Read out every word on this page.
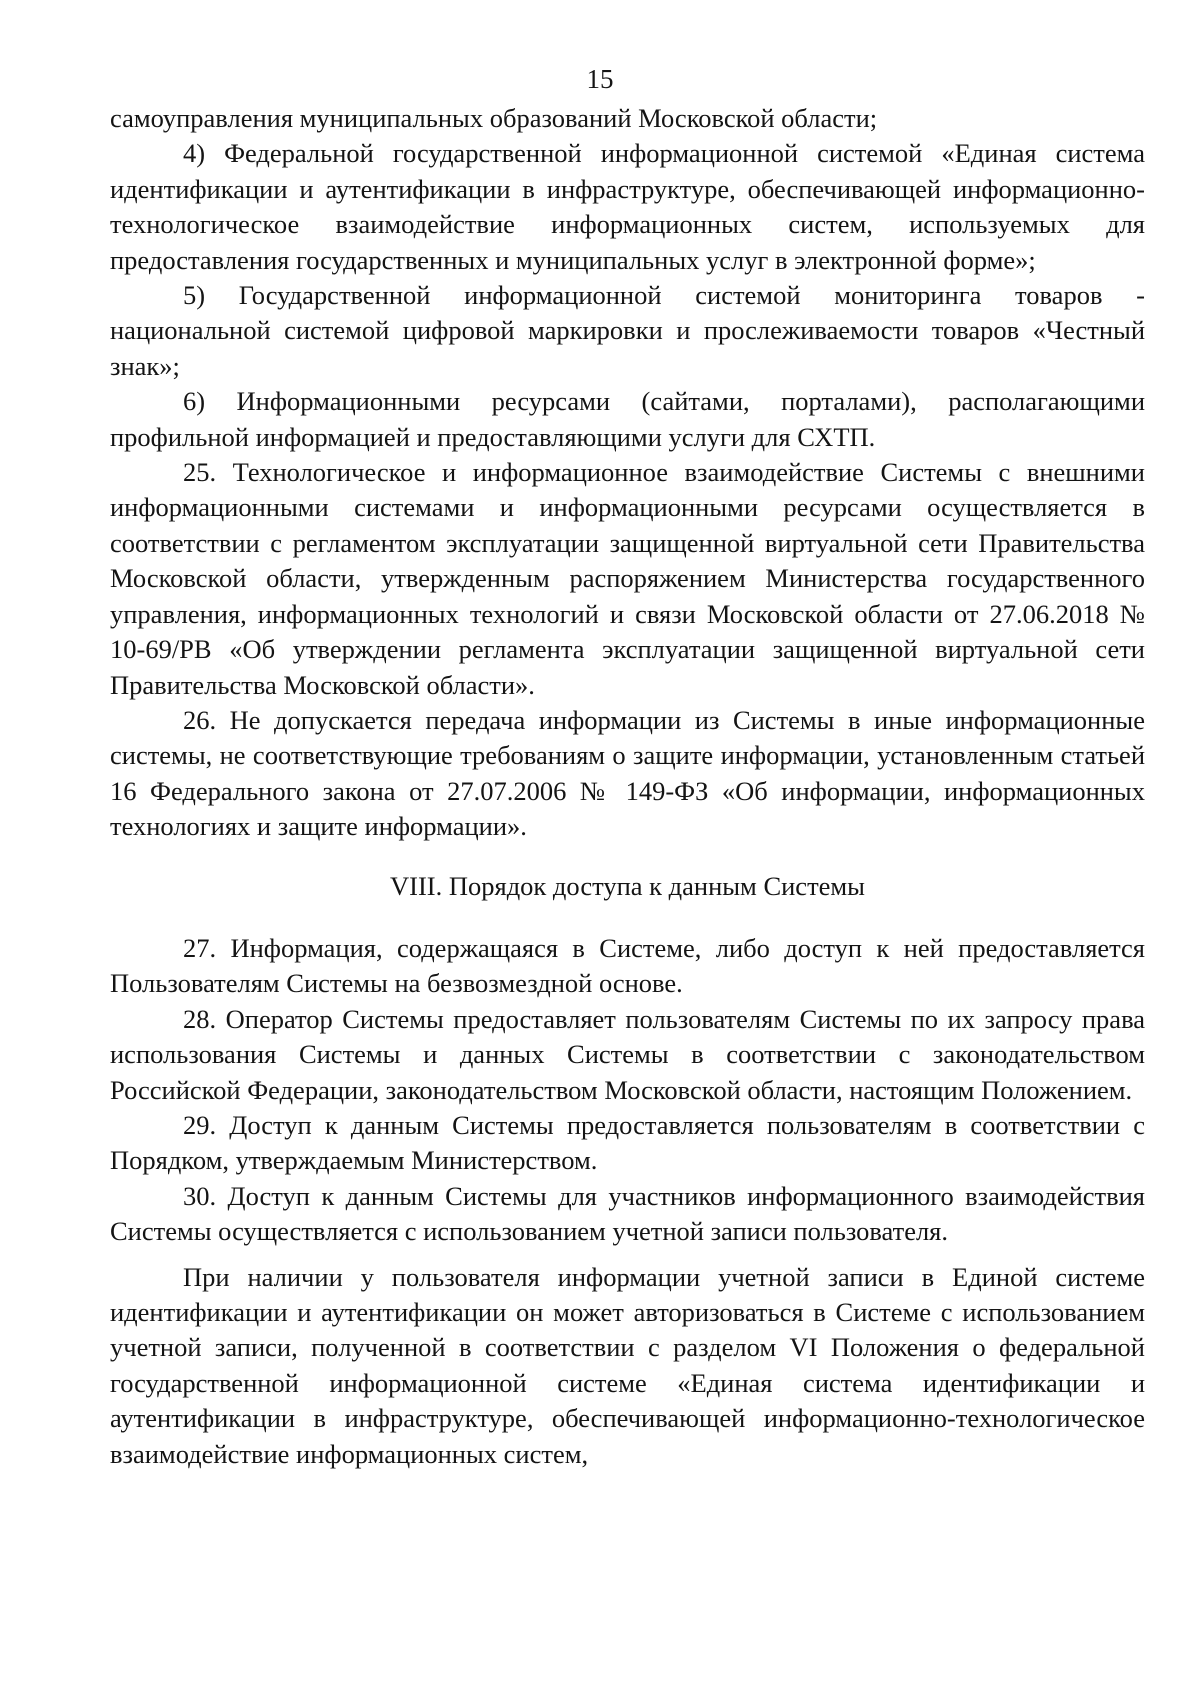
15

самоуправления муниципальных образований Московской области;

4) Федеральной государственной информационной системой «Единая система идентификации и аутентификации в инфраструктуре, обеспечивающей информационно-технологическое взаимодействие информационных систем, используемых для предоставления государственных и муниципальных услуг в электронной форме»;

5) Государственной информационной системой мониторинга товаров - национальной системой цифровой маркировки и прослеживаемости товаров «Честный знак»;

6) Информационными ресурсами (сайтами, порталами), располагающими профильной информацией и предоставляющими услуги для СХТП.

25. Технологическое и информационное взаимодействие Системы с внешними информационными системами и информационными ресурсами осуществляется в соответствии с регламентом эксплуатации защищенной виртуальной сети Правительства Московской области, утвержденным распоряжением Министерства государственного управления, информационных технологий и связи Московской области от 27.06.2018 № 10-69/РВ «Об утверждении регламента эксплуатации защищенной виртуальной сети Правительства Московской области».

26. Не допускается передача информации из Системы в иные информационные системы, не соответствующие требованиям о защите информации, установленным статьей 16 Федерального закона от 27.07.2006 № 149-ФЗ «Об информации, информационных технологиях и защите информации».

VIII. Порядок доступа к данным Системы

27. Информация, содержащаяся в Системе, либо доступ к ней предоставляется Пользователям Системы на безвозмездной основе.

28. Оператор Системы предоставляет пользователям Системы по их запросу права использования Системы и данных Системы в соответствии с законодательством Российской Федерации, законодательством Московской области, настоящим Положением.

29. Доступ к данным Системы предоставляется пользователям в соответствии с Порядком, утверждаемым Министерством.

30. Доступ к данным Системы для участников информационного взаимодействия Системы осуществляется с использованием учетной записи пользователя.

При наличии у пользователя информации учетной записи в Единой системе идентификации и аутентификации он может авторизоваться в Системе с использованием учетной записи, полученной в соответствии с разделом VI Положения о федеральной государственной информационной системе «Единая система идентификации и аутентификации в инфраструктуре, обеспечивающей информационно-технологическое взаимодействие информационных систем,
